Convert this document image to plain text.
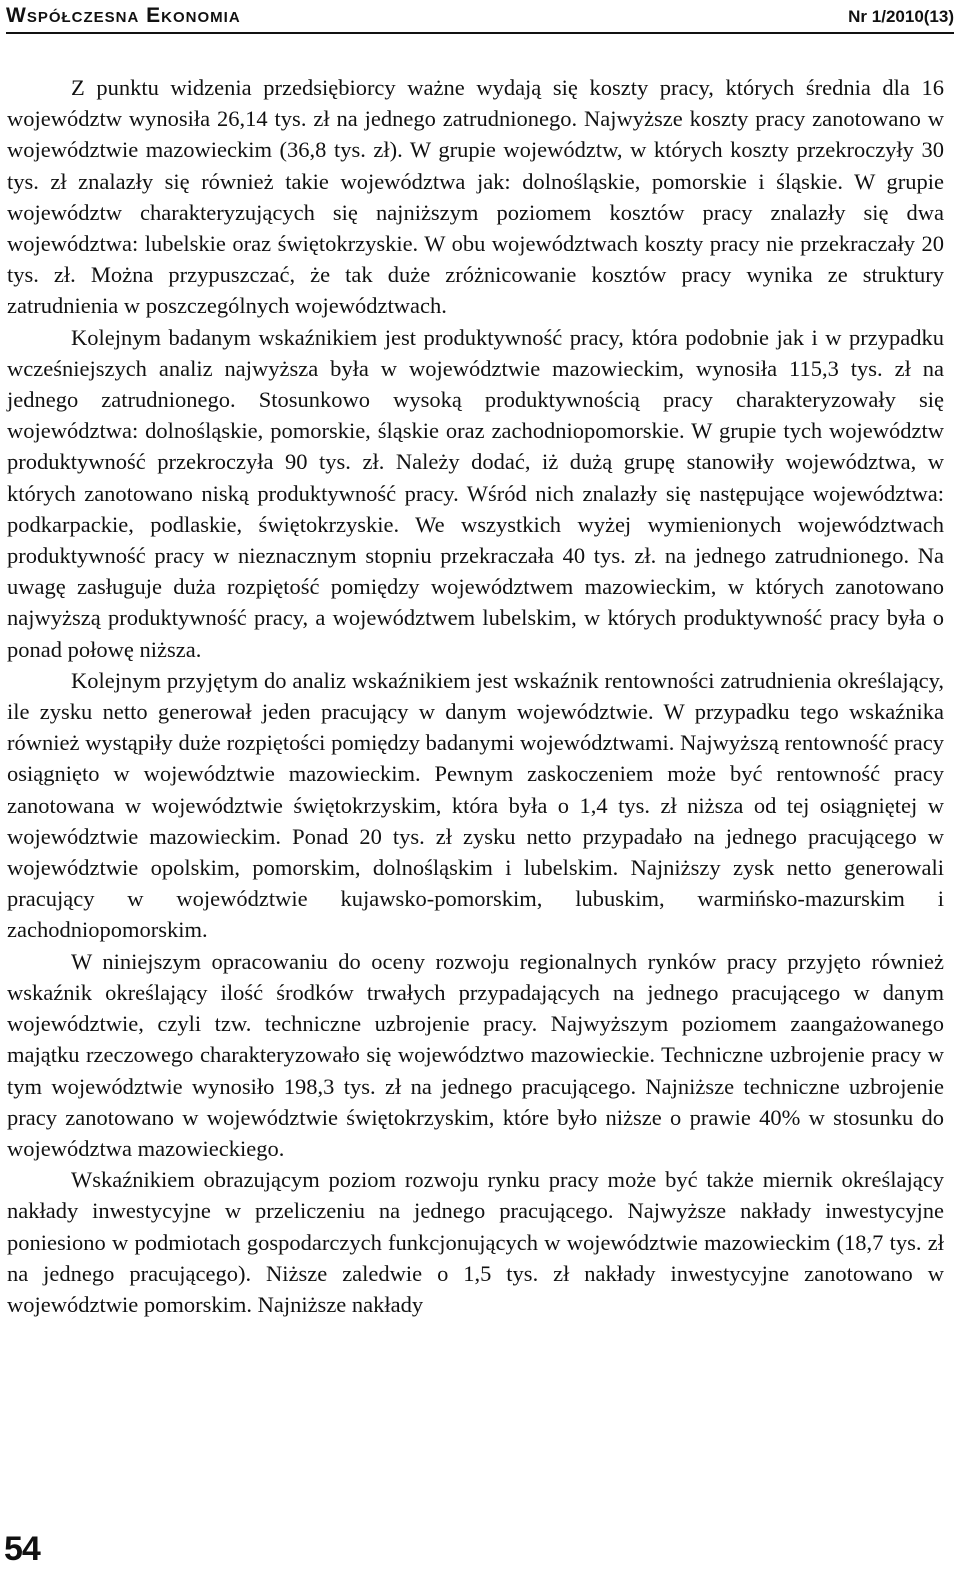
Współczesna Ekonomia	Nr 1/2010(13)

Z punktu widzenia przedsiębiorcy ważne wydają się koszty pracy, których średnia dla 16 województw wynosiła 26,14 tys. zł na jednego zatrudnionego. Najwyższe koszty pracy zanotowano w województwie mazowieckim (36,8 tys. zł). W grupie województw, w których koszty przekroczyły 30 tys. zł znalazły się również takie województwa jak: dolnośląskie, pomorskie i śląskie. W grupie województw charakteryzujących się najniższym poziomem kosztów pracy znalazły się dwa województwa: lubelskie oraz świętokrzyskie. W obu województwach koszty pracy nie przekraczały 20 tys. zł. Można przypuszczać, że tak duże zróżnicowanie kosztów pracy wynika ze struktury zatrudnienia w poszczególnych województwach.

Kolejnym badanym wskaźnikiem jest produktywność pracy, która podobnie jak i w przypadku wcześniejszych analiz najwyższa była w województwie mazowieckim, wynosiła 115,3 tys. zł na jednego zatrudnionego. Stosunkowo wysoką produktywnością pracy charakteryzowały się województwa: dolnośląskie, pomorskie, śląskie oraz zachodniopomorskie. W grupie tych województw produktywność przekroczyła 90 tys. zł. Należy dodać, iż dużą grupę stanowiły województwa, w których zanotowano niską produktywność pracy. Wśród nich znalazły się następujące województwa: podkarpackie, podlaskie, świętokrzyskie. We wszystkich wyżej wymienionych województwach produktywność pracy w nieznacznym stopniu przekraczała 40 tys. zł. na jednego zatrudnionego. Na uwagę zasługuje duża rozpiętość pomiędzy województwem mazowieckim, w których zanotowano najwyższą produktywność pracy, a województwem lubelskim, w których produktywność pracy była o ponad połowę niższa.

Kolejnym przyjętym do analiz wskaźnikiem jest wskaźnik rentowności zatrudnienia określający, ile zysku netto generował jeden pracujący w danym województwie. W przypadku tego wskaźnika również wystąpiły duże rozpiętości pomiędzy badanymi województwami. Najwyższą rentowność pracy osiągnięto w województwie mazowieckim. Pewnym zaskoczeniem może być rentowność pracy zanotowana w województwie świętokrzyskim, która była o 1,4 tys. zł niższa od tej osiągniętej w województwie mazowieckim. Ponad 20 tys. zł zysku netto przypadało na jednego pracującego w województwie opolskim, pomorskim, dolnośląskim i lubelskim. Najniższy zysk netto generowali pracujący w województwie kujawsko-pomorskim, lubuskim, warmińsko-mazurskim i zachodniopomorskim.

W niniejszym opracowaniu do oceny rozwoju regionalnych rynków pracy przyjęto również wskaźnik określający ilość środków trwałych przypadających na jednego pracującego w danym województwie, czyli tzw. techniczne uzbrojenie pracy. Najwyższym poziomem zaangażowanego majątku rzeczowego charakteryzowało się województwo mazowieckie. Techniczne uzbrojenie pracy w tym województwie wynosiło 198,3 tys. zł na jednego pracującego. Najniższe techniczne uzbrojenie pracy zanotowano w województwie świętokrzyskim, które było niższe o prawie 40% w stosunku do województwa mazowieckiego.

Wskaźnikiem obrazującym poziom rozwoju rynku pracy może być także miernik określający nakłady inwestycyjne w przeliczeniu na jednego pracującego. Najwyższe nakłady inwestycyjne poniesiono w podmiotach gospodarczych funkcjonujących w województwie mazowieckim (18,7 tys. zł na jednego pracującego). Niższe zaledwie o 1,5 tys. zł nakłady inwestycyjne zanotowano w województwie pomorskim. Najniższe nakłady

54
